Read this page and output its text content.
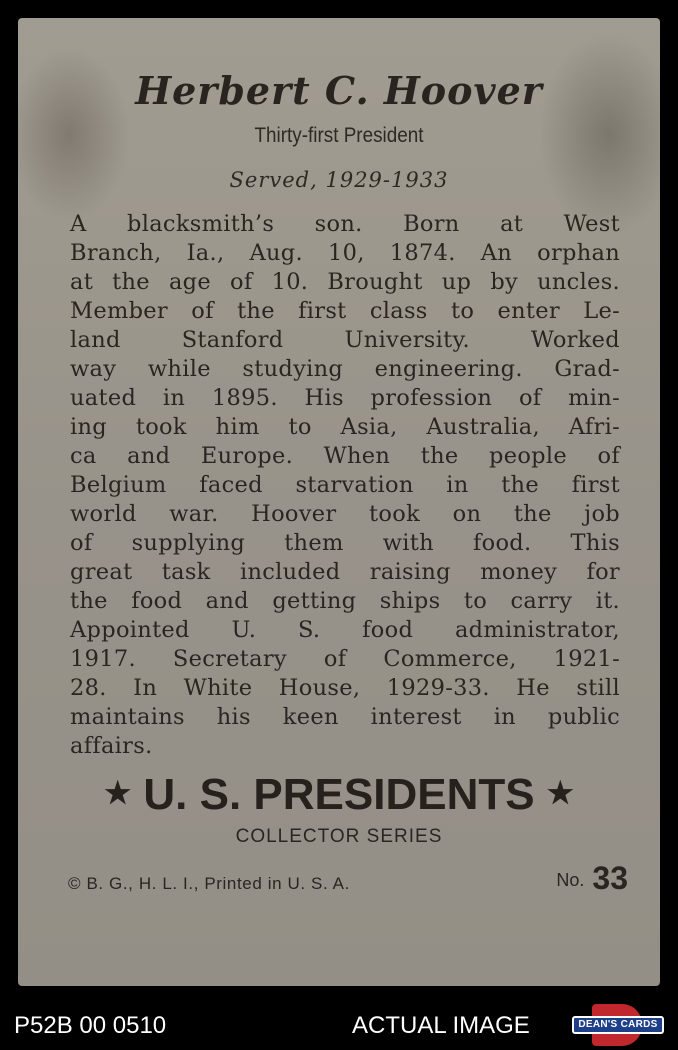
Herbert C. Hoover
Thirty-first President
Served, 1929-1933
A blacksmith’s son. Born at West
Branch, Ia., Aug. 10, 1874. An orphan
at the age of 10. Brought up by uncles.
Member of the first class to enter Le-
land Stanford University. Worked
way while studying engineering. Grad-
uated in 1895. His profession of min-
ing took him to Asia, Australia, Afri-
ca and Europe. When the people of
Belgium faced starvation in the first
world war. Hoover took on the job
of supplying them with food. This
great task included raising money for
the food and getting ships to carry it.
Appointed U. S. food administrator,
1917. Secretary of Commerce, 1921-
28. In White House, 1929-33. He still
maintains his keen interest in public
affairs.
★ U. S. PRESIDENTS ★
COLLECTOR SERIES
© B. G., H. L. I., Printed in U. S. A.	No. 33
P52B 00 0510	ACTUAL IMAGE	DEAN'S CARDS
